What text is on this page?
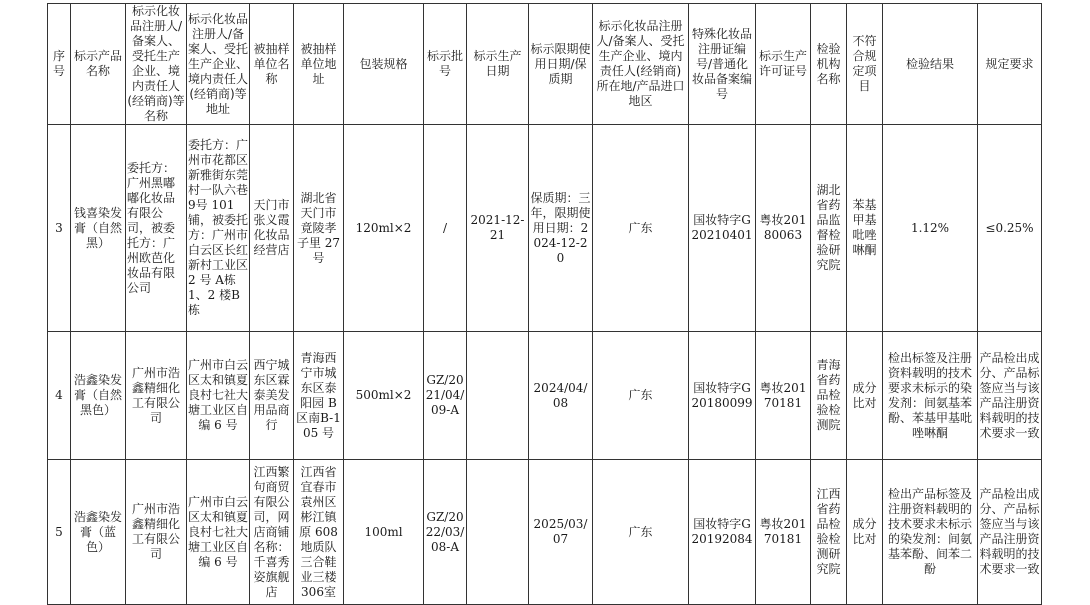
序号	标示产品名称	标示化妆品注册人/备案人、受托生产企业、境内责任人(经销商)等名称	标示化妆品注册人/备案人、受托生产企业、境内责任人(经销商)等地址	被抽样单位名称	被抽样单位地址	包装规格	标示批号	标示生产日期	标示限期使用日期/保质期	标示化妆品注册人/备案人、受托生产企业、境内责任人(经销商)所在地/产品进口地区	特殊化妆品注册证编号/普通化妆品备案编号	标示生产许可证号	检验机构名称	不符合规定项目	检验结果	规定要求
3	钱喜染发膏（自然黑）	委托方：广州黑嘟嘟化妆品有限公司，被委托方：广州欧芭化妆品有限公司	委托方：广州市花都区新雅街东莞村一队六巷 9号 101 铺，被委托方：广州市白云区长红新村工业区 2 号 A栋 1、2 楼B 栋	天门市张义霞化妆品经营店	湖北省天门市竟陵孝子里 27号	120ml×2	/	2021-12-21	保质期：三年，限期使用日期：2024-12-20	广东	国妆特字G20210401	粤妆20180063	湖北省药品监督检验研究院	苯基甲基吡唑啉酮	1.12%	≤0.25%
4	浩鑫染发膏（自然黑色）	广州市浩鑫精细化工有限公司	广州市白云区太和镇夏良村七社大塘工业区自编 6 号	西宁城东区霖泰美发用品商行	青海西宁市城东区泰阳园 B 区南B-105 号	500ml×2	GZ/2021/04/09-A		2024/04/08	广东	国妆特字G20180099	粤妆20170181	青海省药品检验检测院	成分比对	检出标签及注册资料载明的技术要求未标示的染发剂：间氨基苯酚、苯基甲基吡唑啉酮	产品检出成分、产品标签应当与该产品注册资料载明的技术要求一致
5	浩鑫染发膏（蓝色）	广州市浩鑫精细化工有限公司	广州市白云区太和镇夏良村七社大塘工业区自编 6 号	江西繁句商贸有限公司，网店商铺名称：千喜秀姿旗舰店	江西省宜春市袁州区彬江镇原 608 地质队三合鞋业三楼 306室	100ml	GZ/2022/03/08-A		2025/03/07	广东	国妆特字G20192084	粤妆20170181	江西省药品检验检测研究院	成分比对	检出产品标签及注册资料载明的技术要求未标示的染发剂：间氨基苯酚、间苯二酚	产品检出成分、产品标签应当与该产品注册资料载明的技术要求一致
